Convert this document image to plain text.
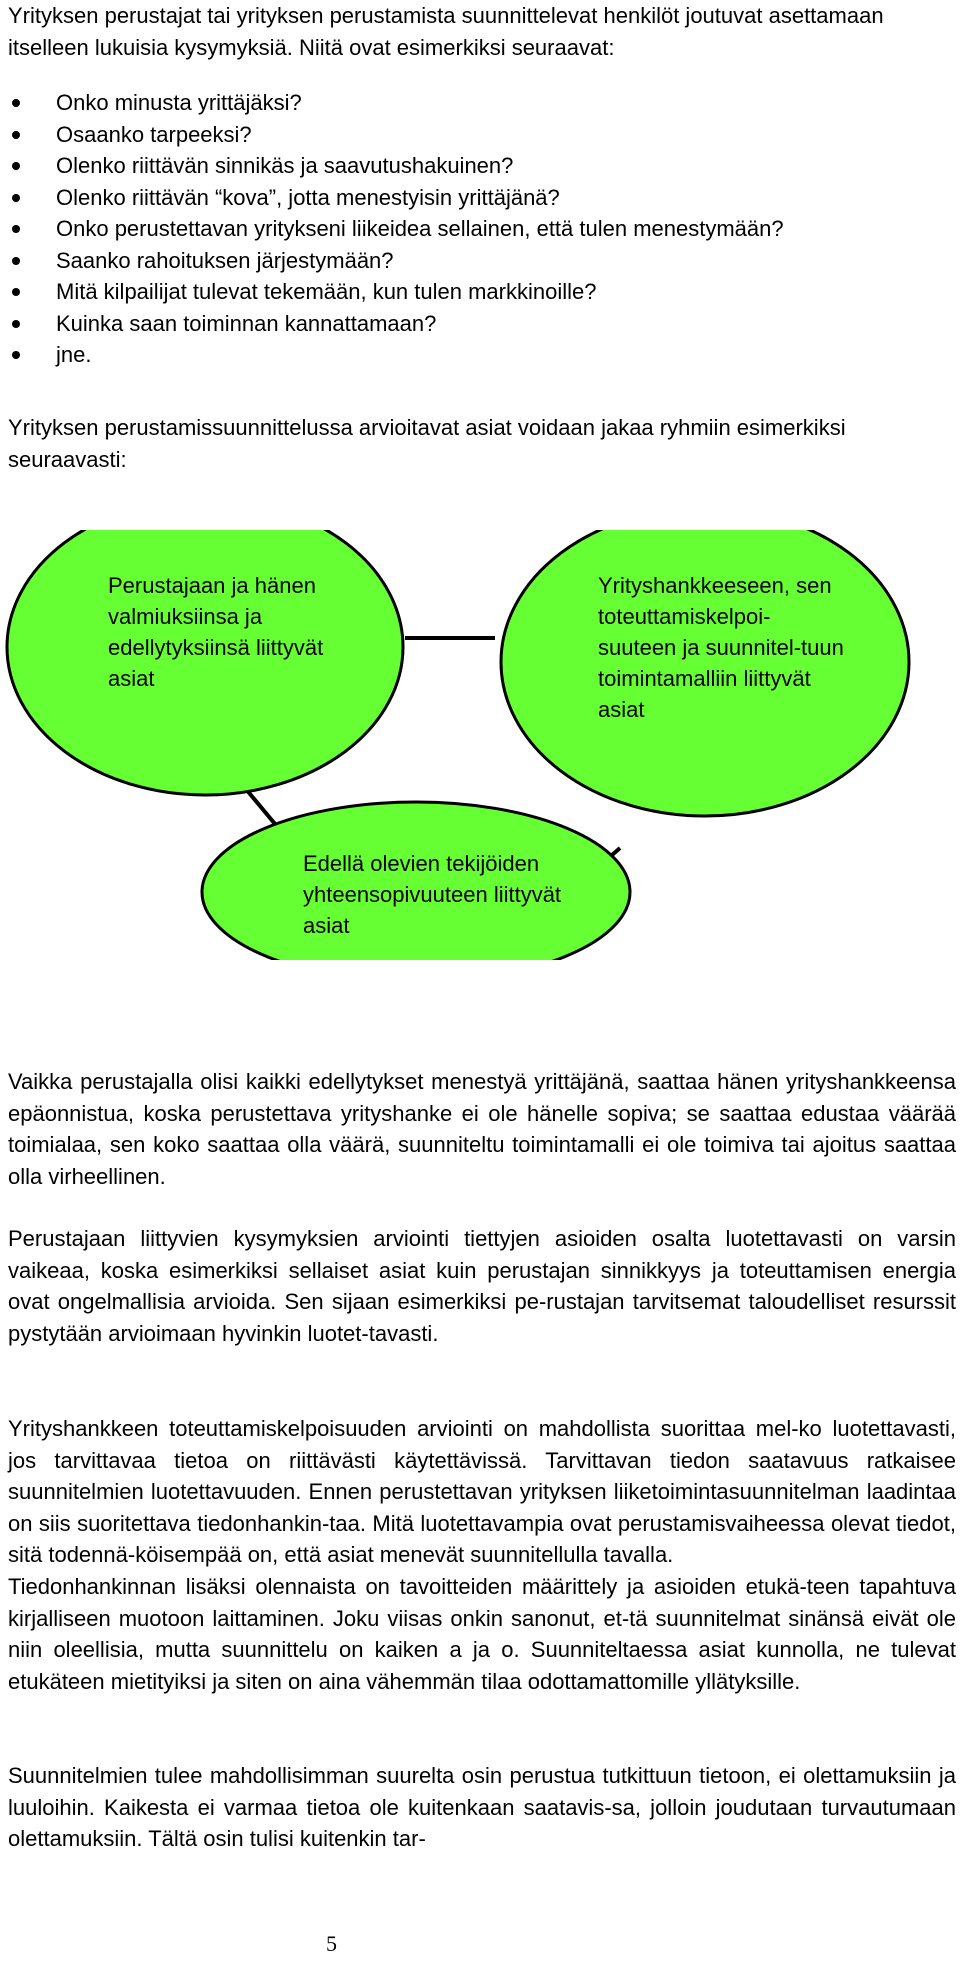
Yrityksen perustajat tai yrityksen perustamista suunnittelevat henkilöt joutuvat asettamaan itselleen lukuisia kysymyksiä. Niitä ovat esimerkiksi seuraavat:

Onko minusta yrittäjäksi?
Osaanko tarpeeksi?
Olenko riittävän sinnikäs ja saavutushakuinen?
Olenko riittävän “kova”, jotta menestyisin yrittäjänä?
Onko perustettavan yritykseni liikeidea sellainen, että tulen menestymään?
Saanko rahoituksen järjestymään?
Mitä kilpailijat tulevat tekemään, kun tulen markkinoille?
Kuinka saan toiminnan kannattamaan?
jne.

Yrityksen perustamissuunnittelussa arvioitavat asiat voidaan jakaa ryhmiin esimerkiksi seuraavasti:

Perustajaan ja hänen valmiuksiinsa ja edellytyksiinsä liittyvät asiat

Yrityshankkeeseen, sen toteuttamiskelpoi-suuteen ja suunnitel-tuun toimintamalliin liittyvät asiat

Edellä olevien tekijöiden yhteensopivuuteen liittyvät asiat

Vaikka perustajalla olisi kaikki edellytykset menestyä yrittäjänä, saattaa hänen yrityshankkeensa epäonnistua, koska perustettava yrityshanke ei ole hänelle sopiva; se saattaa edustaa väärää toimialaa, sen koko saattaa olla väärä, suunniteltu toimintamalli ei ole toimiva tai ajoitus saattaa olla virheellinen.

Perustajaan liittyvien kysymyksien arviointi tiettyjen asioiden osalta luotettavasti on varsin vaikeaa, koska esimerkiksi sellaiset asiat kuin perustajan sinnikkyys ja toteuttamisen energia ovat ongelmallisia arvioida. Sen sijaan esimerkiksi pe-rustajan tarvitsemat taloudelliset resurssit pystytään arvioimaan hyvinkin luotet-tavasti.

Yrityshankkeen toteuttamiskelpoisuuden arviointi on mahdollista suorittaa mel-ko luotettavasti, jos tarvittavaa tietoa on riittävästi käytettävissä. Tarvittavan tiedon saatavuus ratkaisee suunnitelmien luotettavuuden. Ennen perustettavan yrityksen liiketoimintasuunnitelman laadintaa on siis suoritettava tiedonhankin-taa. Mitä luotettavampia ovat perustamisvaiheessa olevat tiedot, sitä todennä-köisempää on, että asiat menevät suunnitellulla tavalla.

Tiedonhankinnan lisäksi olennaista on tavoitteiden määrittely ja asioiden etukä-teen tapahtuva kirjalliseen muotoon laittaminen. Joku viisas onkin sanonut, et-tä suunnitelmat sinänsä eivät ole niin oleellisia, mutta suunnittelu on kaiken a ja o. Suunniteltaessa asiat kunnolla, ne tulevat etukäteen mietityiksi ja siten on aina vähemmän tilaa odottamattomille yllätyksille.

Suunnitelmien tulee mahdollisimman suurelta osin perustua tutkittuun tietoon, ei olettamuksiin ja luuloihin. Kaikesta ei varmaa tietoa ole kuitenkaan saatavis-sa, jolloin joudutaan turvautumaan olettamuksiin. Tältä osin tulisi kuitenkin tar-

5
